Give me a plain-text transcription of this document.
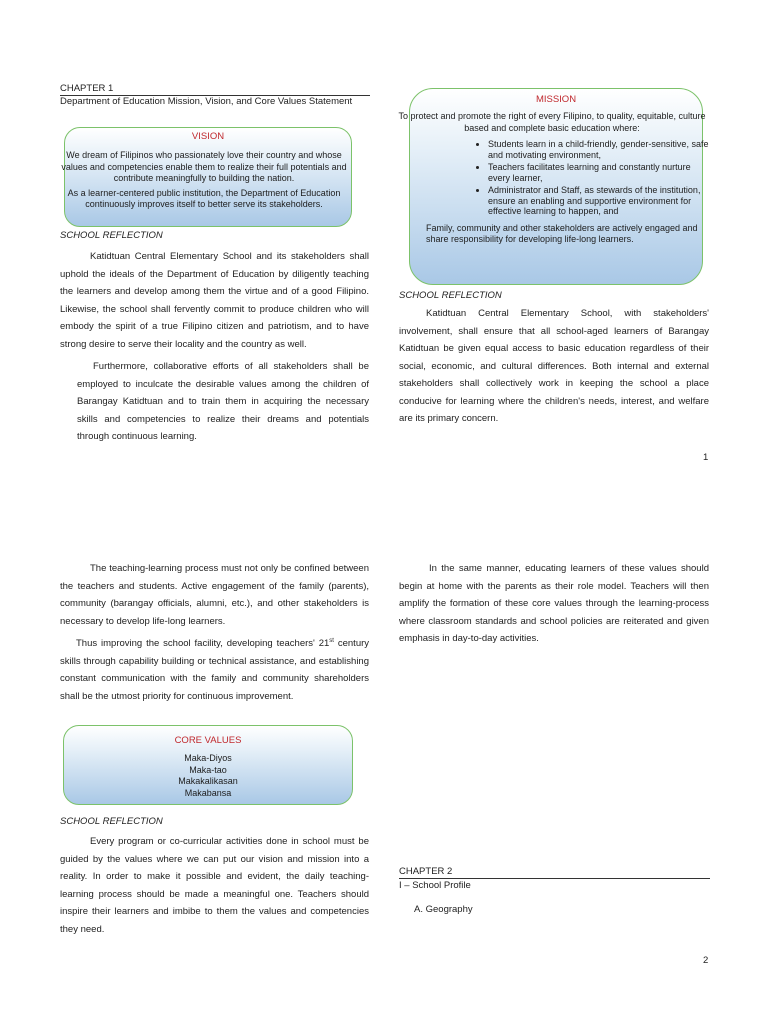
CHAPTER 1
Department of Education Mission, Vision, and Core Values Statement
VISION
We dream of Filipinos who passionately love their country and whose values and competencies enable them to realize their full potentials and contribute meaningfully to building the nation.
As a learner-centered public institution, the Department of Education continuously improves itself to better serve its stakeholders.
SCHOOL REFLECTION
Katidtuan Central Elementary School and its stakeholders shall uphold the ideals of the Department of Education by diligently teaching the learners and develop among them the virtue and of a good Filipino. Likewise, the school shall fervently commit to produce children who will embody the spirit of a true Filipino citizen and patriotism, and to have strong desire to serve their locality and the country as well.
Furthermore, collaborative efforts of all stakeholders shall be employed to inculcate the desirable values among the children of Barangay Katidtuan and to train them in acquiring the necessary skills and competencies to realize their dreams and potentials through continuous learning.
MISSION
To protect and promote the right of every Filipino, to quality, equitable, culture based and complete basic education where:
• Students learn in a child-friendly, gender-sensitive, safe and motivating environment,
• Teachers facilitates learning and constantly nurture every learner,
• Administrator and Staff, as stewards of the institution, ensure an enabling and supportive environment for effective learning to happen, and
Family, community and other stakeholders are actively engaged and share responsibility for developing life-long learners.
SCHOOL REFLECTION
Katidtuan Central Elementary School, with stakeholders' involvement, shall ensure that all school-aged learners of Barangay Katidtuan be given equal access to basic education regardless of their social, economic, and cultural differences. Both internal and external stakeholders shall collectively work in keeping the school a place conducive for learning where the children's needs, interest, and welfare are its primary concern.
1
The teaching-learning process must not only be confined between the teachers and students. Active engagement of the family (parents), community (barangay officials, alumni, etc.), and other stakeholders is necessary to develop life-long learners.
Thus improving the school facility, developing teachers' 21st century skills through capability building or technical assistance, and establishing constant communication with the family and community shareholders shall be the utmost priority for continuous improvement.
CORE VALUES
Maka-Diyos
Maka-tao
Makakalikasan
Makabansa
SCHOOL REFLECTION
Every program or co-curricular activities done in school must be guided by the values where we can put our vision and mission into a reality. In order to make it possible and evident, the daily teaching-learning process should be made a meaningful one. Teachers should inspire their learners and imbibe to them the values and competencies they need.
In the same manner, educating learners of these values should begin at home with the parents as their role model. Teachers will then amplify the formation of these core values through the learning-process where classroom standards and school policies are reiterated and given emphasis in day-to-day activities.
CHAPTER 2
I – School Profile
A. Geography
2
